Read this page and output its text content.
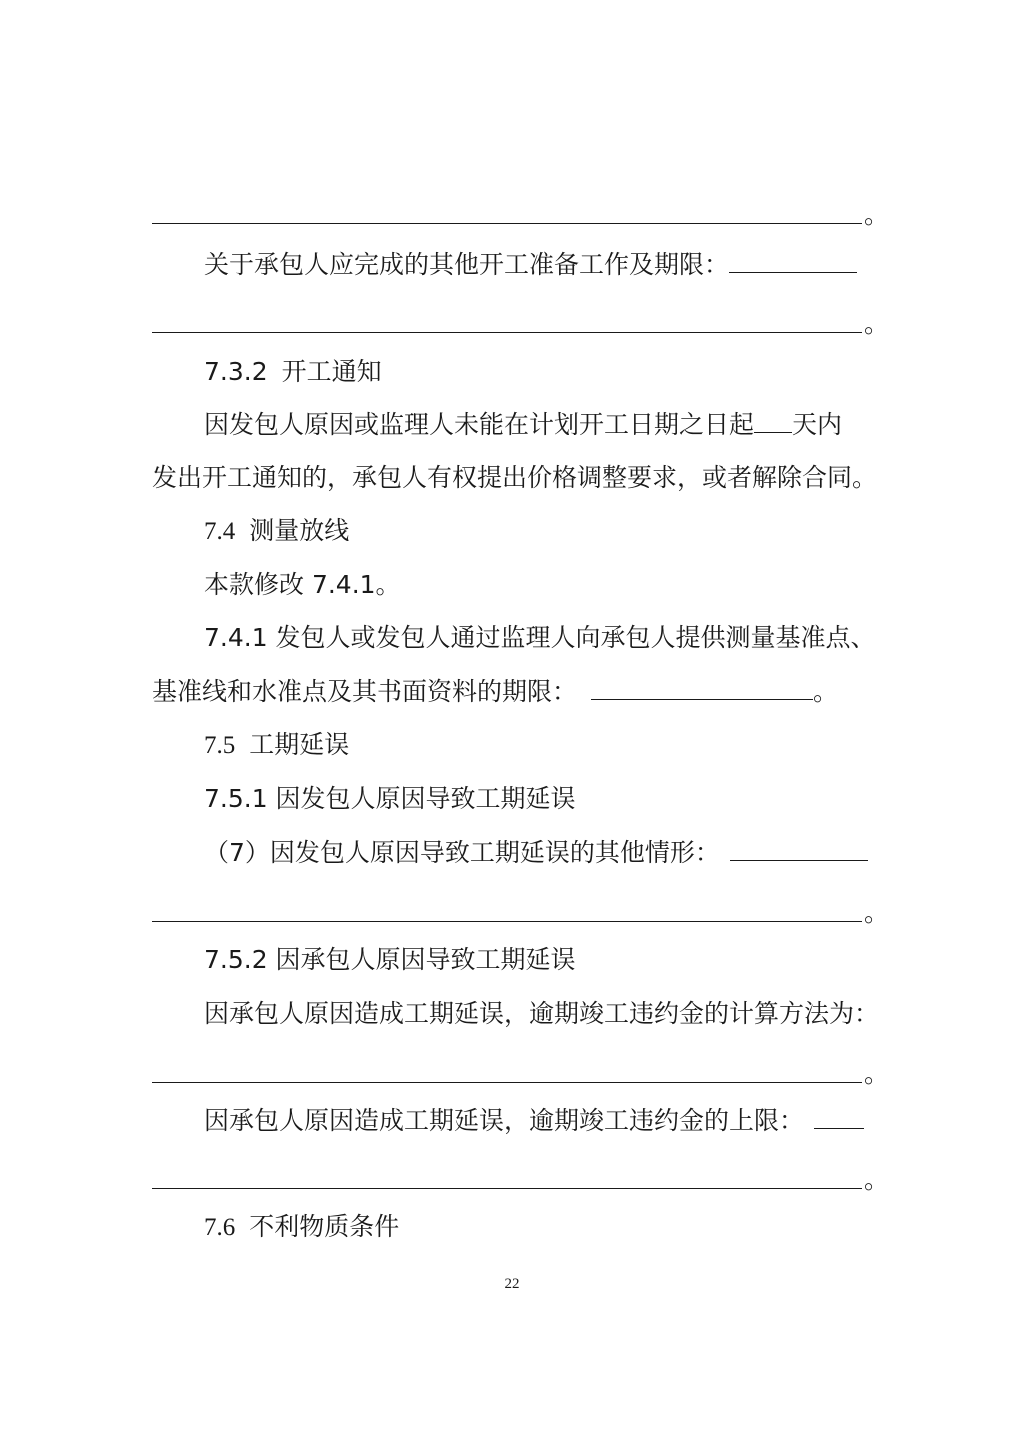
。
关于承包人应完成的其他开工准备工作及期限：
。
7.3.2 开工通知
因发包人原因或监理人未能在计划开工日期之日起 天内
发出开工通知的，承包人有权提出价格调整要求，或者解除合同。
7.4 测量放线
本款修改 7.4.1。
7.4.1 发包人或发包人通过监理人向承包人提供测量基准点、
基准线和水准点及其书面资料的期限：	。
7.5 工期延误
7.5.1 因发包人原因导致工期延误
（7）因发包人原因导致工期延误的其他情形：
。
7.5.2 因承包人原因导致工期延误
因承包人原因造成工期延误，逾期竣工违约金的计算方法为：
。
因承包人原因造成工期延误，逾期竣工违约金的上限：
。
7.6 不利物质条件
22
